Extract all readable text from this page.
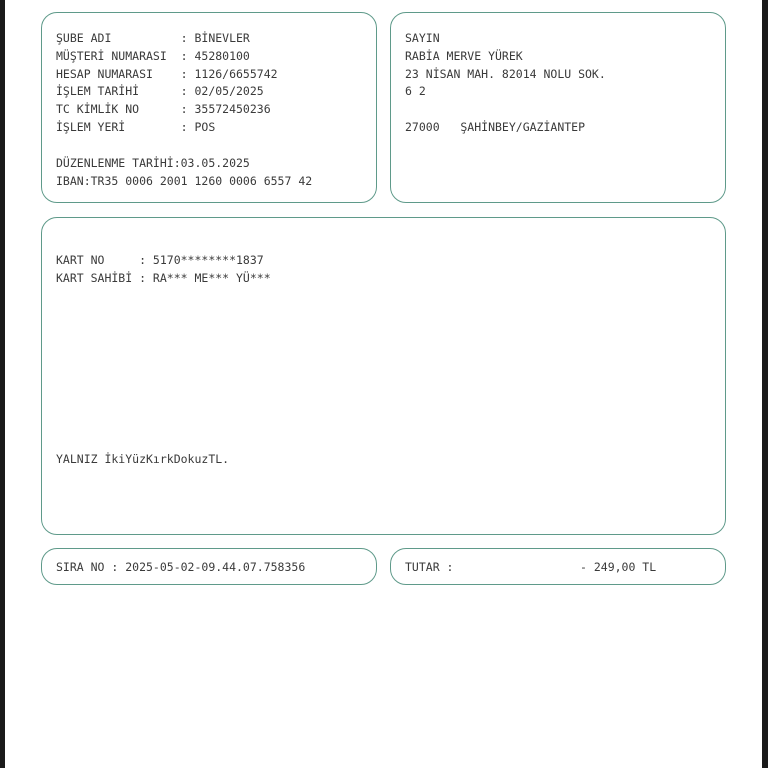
ŞUBE ADI          : BİNEVLER
MÜŞTERİ NUMARASI  : 45280100
HESAP NUMARASI    : 1126/6655742
İŞLEM TARİHİ      : 02/05/2025
TC KİMLİK NO      : 35572450236
İŞLEM YERİ        : POS
DÜZENLENME TARİHİ:03.05.2025
IBAN:TR35 0006 2001 1260 0006 6557 42
SAYIN
RABİA MERVE YÜREK
23 NİSAN MAH. 82014 NOLU SOK.
6 2
27000   ŞAHİNBEY/GAZİANTEP
KART NO     : 5170********1837
KART SAHİBİ : RA*** ME*** YÜ***
YALNIZ İkiYüzKırkDokuzTL.
SIRA NO : 2025-05-02-09.44.07.758356	TUTAR :	- 249,00 TL
